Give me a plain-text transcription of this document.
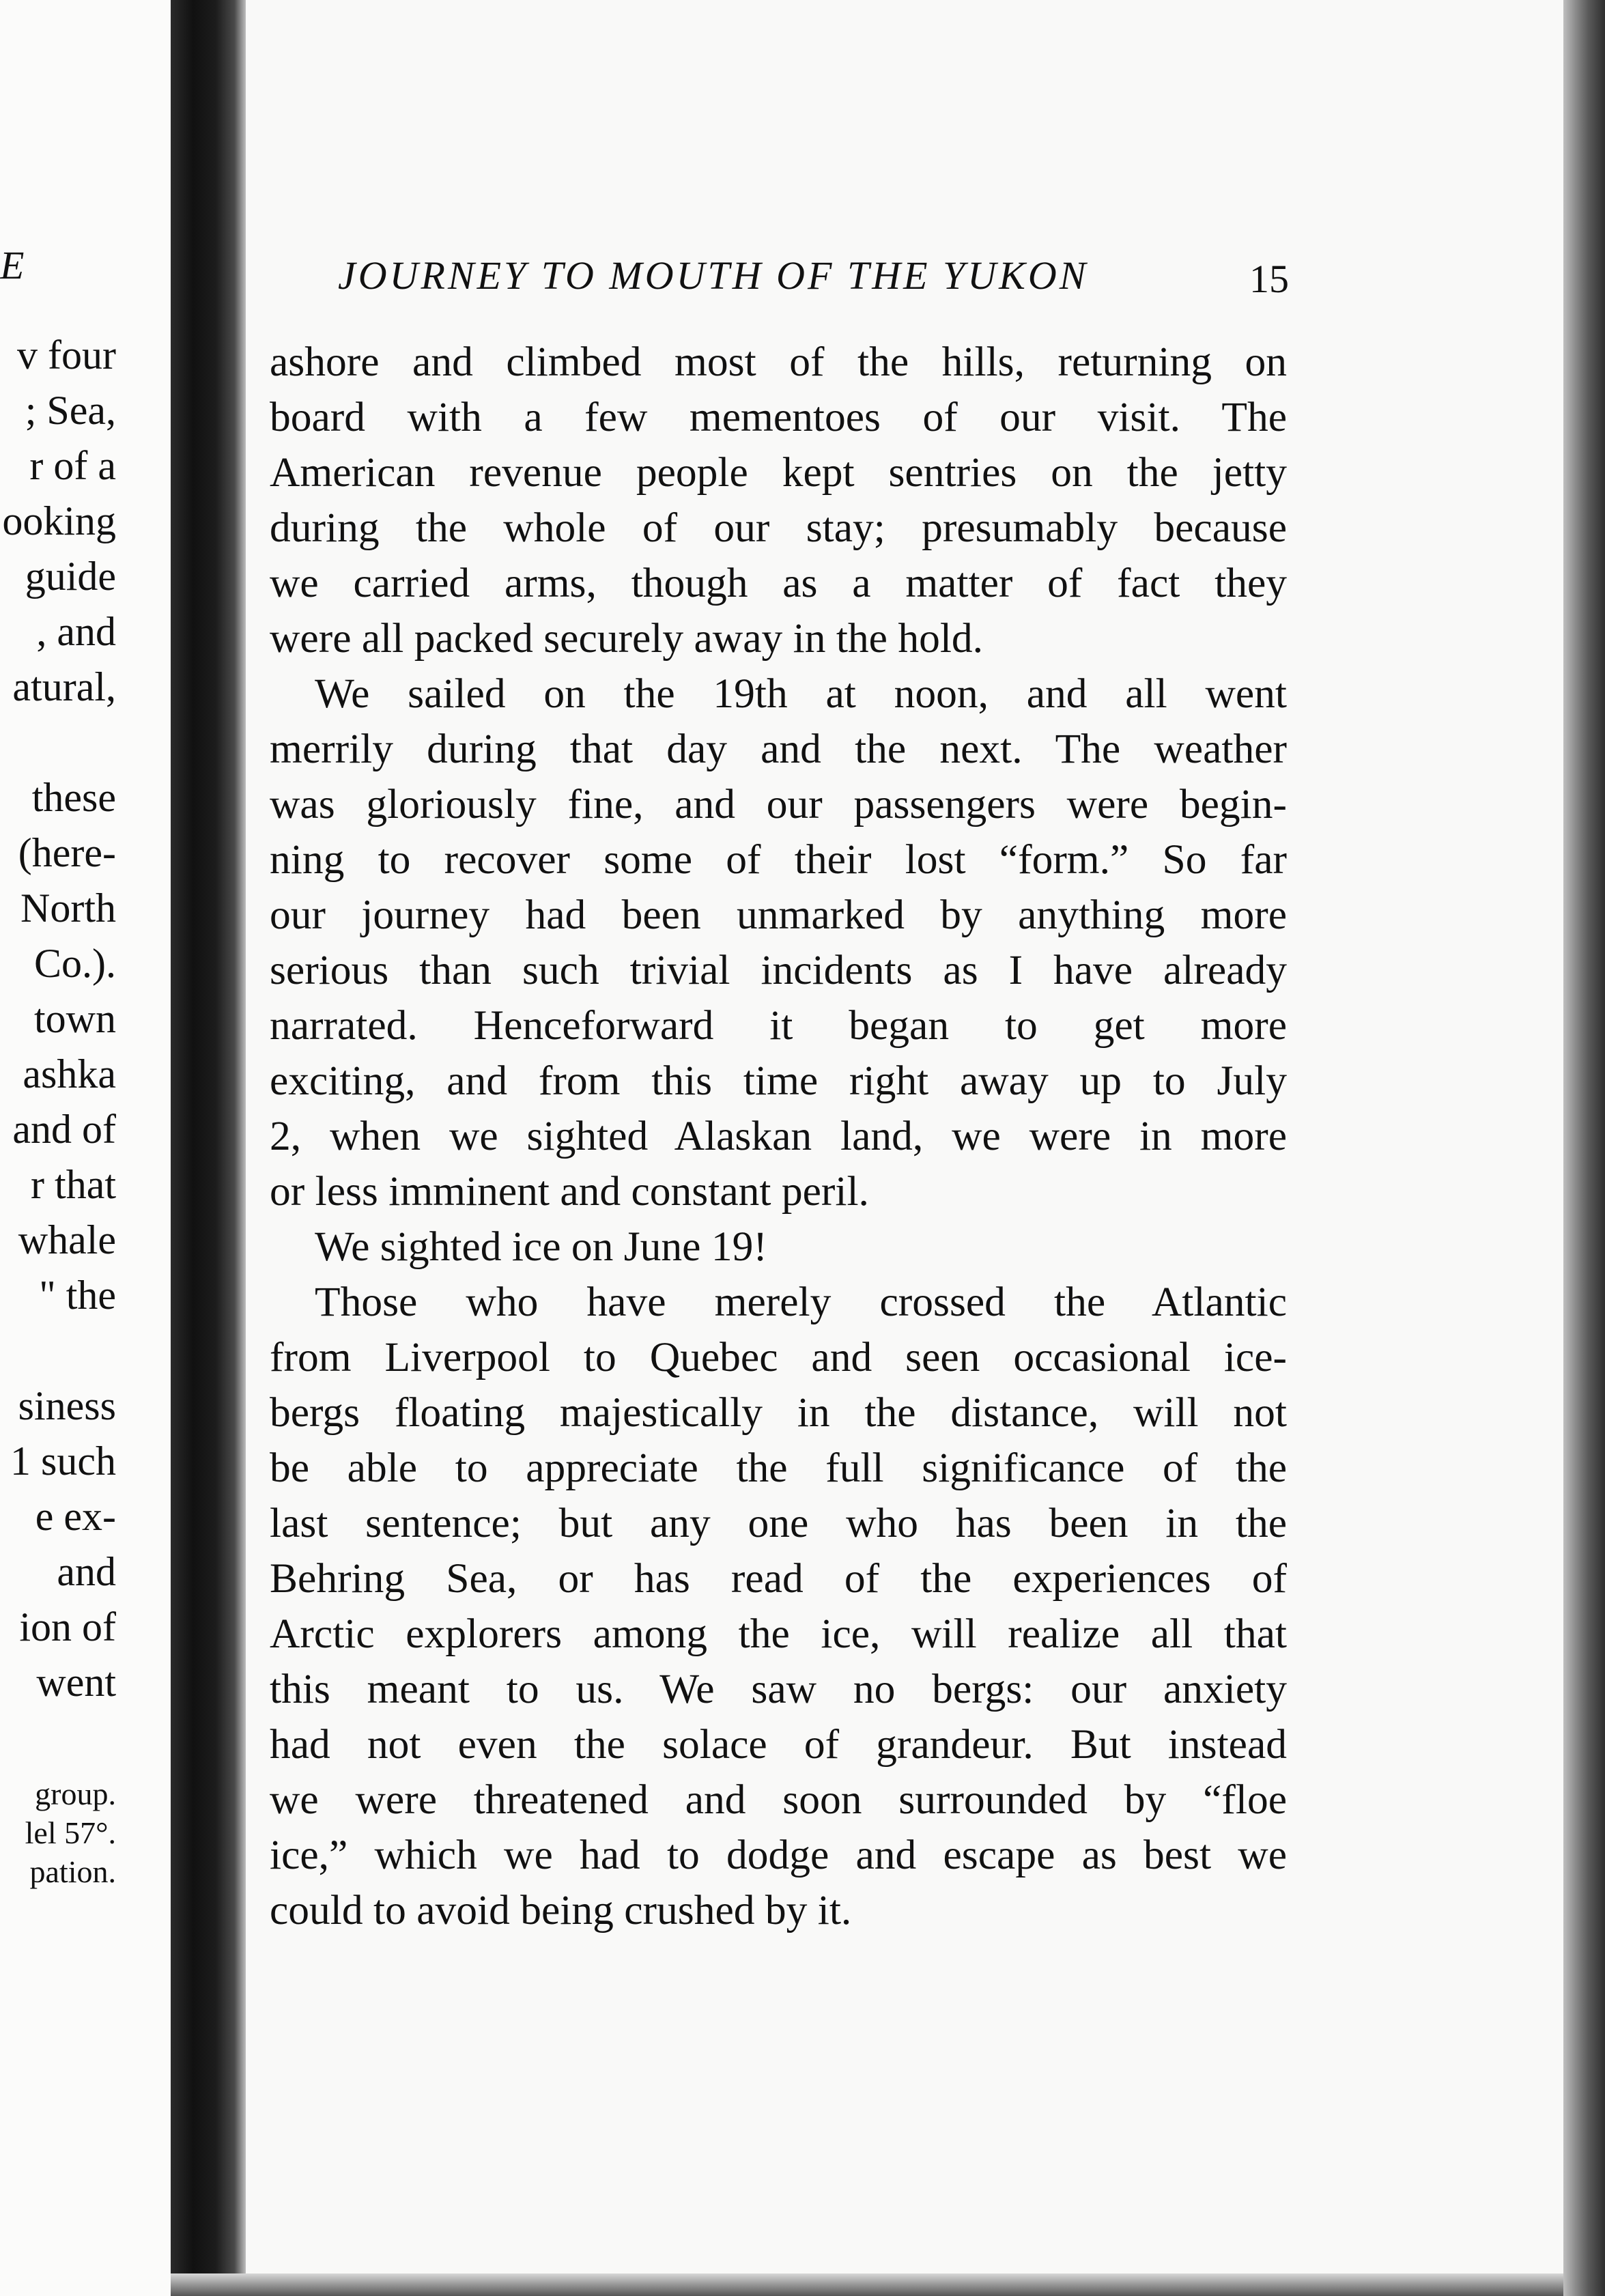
E
v four
; Sea,
r of a
ooking
guide
, and
atural,
these
(here-
North
Co.).
town
ashka
and of
r that
whale
" the
siness
1 such
e ex-
and
ion of
went
group.
lel 57°.
pation.
JOURNEY TO MOUTH OF THE YUKON	15
ashore and climbed most of the hills, returning on
board with a few mementoes of our visit. The
American revenue people kept sentries on the jetty
during the whole of our stay; presumably because
we carried arms, though as a matter of fact they
were all packed securely away in the hold.
We sailed on the 19th at noon, and all went
merrily during that day and the next. The weather
was gloriously fine, and our passengers were begin-
ning to recover some of their lost “form.” So far
our journey had been unmarked by anything more
serious than such trivial incidents as I have already
narrated. Henceforward it began to get more
exciting, and from this time right away up to July
2, when we sighted Alaskan land, we were in more
or less imminent and constant peril.
We sighted ice on June 19!
Those who have merely crossed the Atlantic
from Liverpool to Quebec and seen occasional ice-
bergs floating majestically in the distance, will not
be able to appreciate the full significance of the
last sentence; but any one who has been in the
Behring Sea, or has read of the experiences of
Arctic explorers among the ice, will realize all that
this meant to us. We saw no bergs: our anxiety
had not even the solace of grandeur. But instead
we were threatened and soon surrounded by “floe
ice,” which we had to dodge and escape as best we
could to avoid being crushed by it.
